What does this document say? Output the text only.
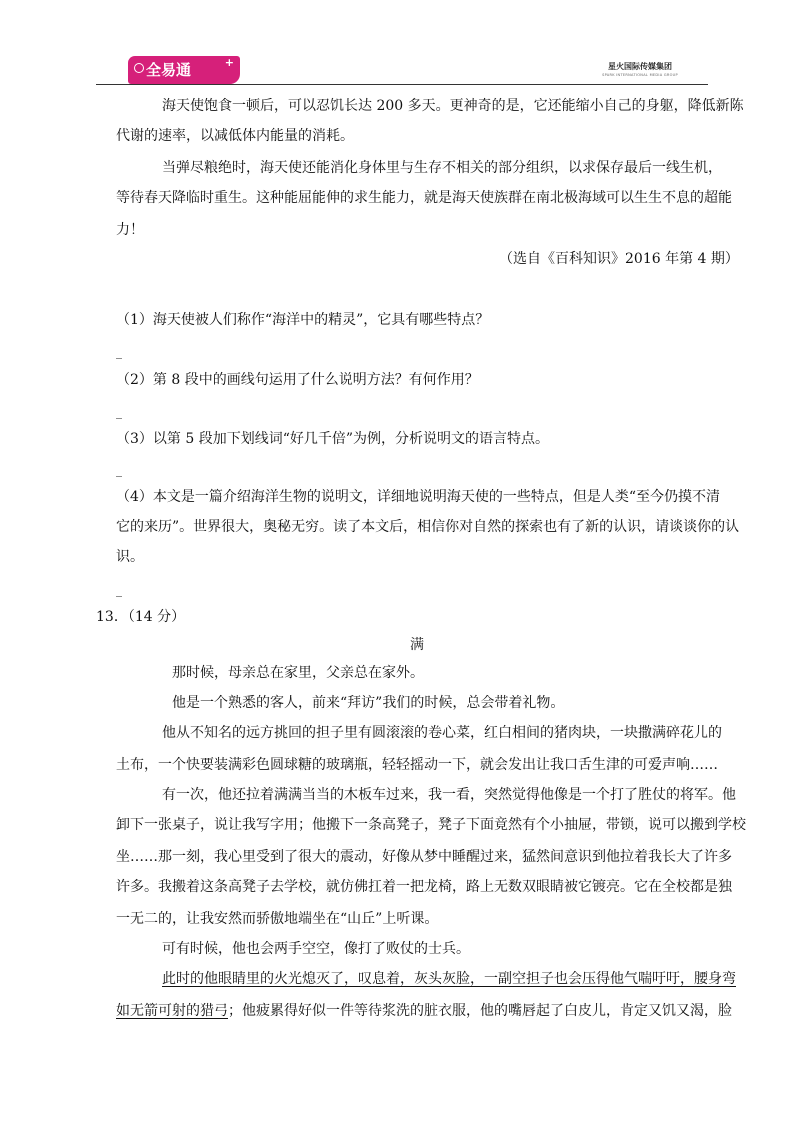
全易通	+	星火国际传媒集团
SPARK INTERNATIONAL MEDIA GROUP
海天使饱食一顿后，可以忍饥长达 200 多天。更神奇的是，它还能缩小自己的身躯，降低新陈
代谢的速率，以减低体内能量的消耗。
当弹尽粮绝时，海天使还能消化身体里与生存不相关的部分组织，以求保存最后一线生机，
等待春天降临时重生。这种能屈能伸的求生能力，就是海天使族群在南北极海域可以生生不息的超能
力！
（选自《百科知识》2016 年第 4 期）
（1）海天使被人们称作“海洋中的精灵”，它具有哪些特点？
_
（2）第 8 段中的画线句运用了什么说明方法？有何作用？
_
（3）以第 5 段加下划线词“好几千倍”为例，分析说明文的语言特点。
_
（4）本文是一篇介绍海洋生物的说明文，详细地说明海天使的一些特点，但是人类“至今仍摸不清
它的来历”。世界很大，奥秘无穷。读了本文后，相信你对自然的探索也有了新的认识，请谈谈你的认
识。
_
13．（14 分）
满
那时候，母亲总在家里，父亲总在家外。
他是一个熟悉的客人，前来“拜访”我们的时候，总会带着礼物。
他从不知名的远方挑回的担子里有圆滚滚的卷心菜，红白相间的猪肉块，一块撒满碎花儿的
土布，一个快要装满彩色圆球糖的玻璃瓶，轻轻摇动一下，就会发出让我口舌生津的可爱声响……
有一次，他还拉着满满当当的木板车过来，我一看，突然觉得他像是一个打了胜仗的将军。他
卸下一张桌子，说让我写字用；他搬下一条高凳子，凳子下面竟然有个小抽屉，带锁，说可以搬到学校
坐……那一刻，我心里受到了很大的震动，好像从梦中睡醒过来，猛然间意识到他拉着我长大了许多
许多。我搬着这条高凳子去学校，就仿佛扛着一把龙椅，路上无数双眼睛被它镀亮。它在全校都是独
一无二的，让我安然而骄傲地端坐在“山丘”上听课。
可有时候，他也会两手空空，像打了败仗的士兵。
此时的他眼睛里的火光熄灭了，叹息着，灰头灰脸，一副空担子也会压得他气喘吁吁，腰身弯
如无箭可射的猎弓；他疲累得好似一件等待浆洗的脏衣服，他的嘴唇起了白皮儿，肯定又饥又渴，脸
